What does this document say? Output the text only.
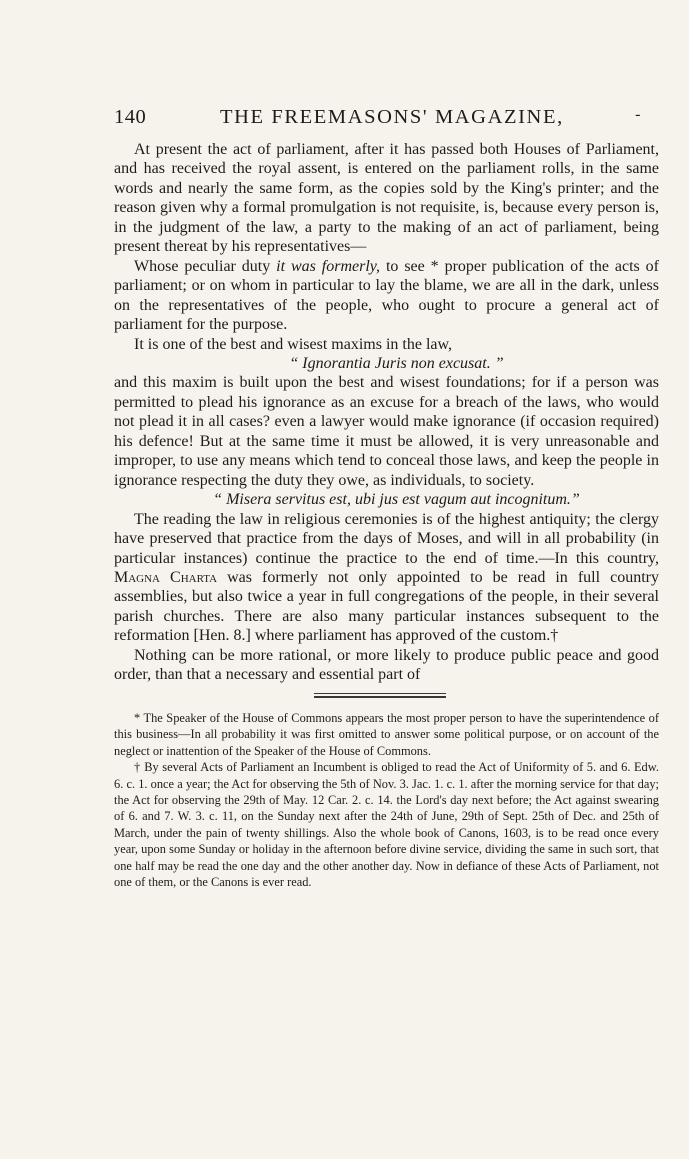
140	THE FREEMASONS' MAGAZINE,	-

At present the act of parliament, after it has passed both Houses of Parliament, and has received the royal assent, is entered on the parliament rolls, in the same words and nearly the same form, as the copies sold by the King's printer; and the reason given why a formal promulgation is not requisite, is, because every person is, in the judgment of the law, a party to the making of an act of parliament, being present thereat by his representatives—

Whose peculiar duty it was formerly, to see * proper publication of the acts of parliament; or on whom in particular to lay the blame, we are all in the dark, unless on the representatives of the people, who ought to procure a general act of parliament for the purpose.

It is one of the best and wisest maxims in the law,

“ Ignorantia Juris non excusat. ”

and this maxim is built upon the best and wisest foundations; for if a person was permitted to plead his ignorance as an excuse for a breach of the laws, who would not plead it in all cases? even a lawyer would make ignorance (if occasion required) his defence! But at the same time it must be allowed, it is very unreasonable and improper, to use any means which tend to conceal those laws, and keep the people in ignorance respecting the duty they owe, as individuals, to society.

“ Misera servitus est, ubi jus est vagum aut incognitum.”

The reading the law in religious ceremonies is of the highest antiquity; the clergy have preserved that practice from the days of Moses, and will in all probability (in particular instances) continue the practice to the end of time.—In this country, Magna Charta was formerly not only appointed to be read in full country assemblies, but also twice a year in full congregations of the people, in their several parish churches. There are also many particular instances subsequent to the reformation [Hen. 8.] where parliament has approved of the custom.†

Nothing can be more rational, or more likely to produce public peace and good order, than that a necessary and essential part of

* The Speaker of the House of Commons appears the most proper person to have the superintendence of this business—In all probability it was first omitted to answer some political purpose, or on account of the neglect or inattention of the Speaker of the House of Commons.

† By several Acts of Parliament an Incumbent is obliged to read the Act of Uniformity of 5. and 6. Edw. 6. c. 1. once a year; the Act for observing the 5th of Nov. 3. Jac. 1. c. 1. after the morning service for that day; the Act for observing the 29th of May. 12 Car. 2. c. 14. the Lord's day next before; the Act against swearing of 6. and 7. W. 3. c. 11, on the Sunday next after the 24th of June, 29th of Sept. 25th of Dec. and 25th of March, under the pain of twenty shillings. Also the whole book of Canons, 1603, is to be read once every year, upon some Sunday or holiday in the afternoon before divine service, dividing the same in such sort, that one half may be read the one day and the other another day. Now in defiance of these Acts of Parliament, not one of them, or the Canons is ever read.
